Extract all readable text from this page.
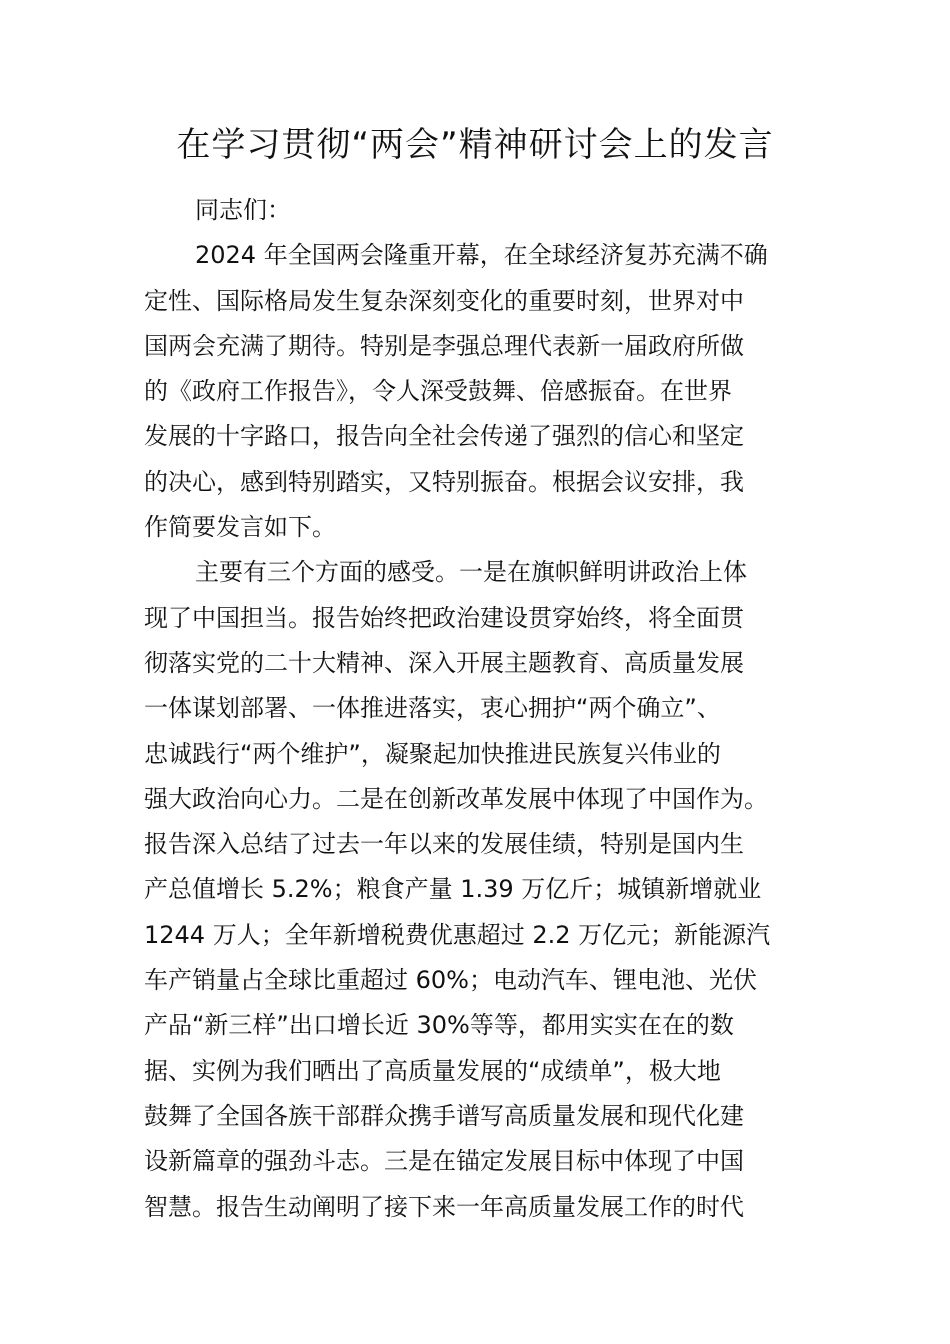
在学习贯彻“两会”精神研讨会上的发言
同志们：
2024 年全国两会隆重开幕，在全球经济复苏充满不确
定性、国际格局发生复杂深刻变化的重要时刻，世界对中
国两会充满了期待。特别是李强总理代表新一届政府所做
的《政府工作报告》，令人深受鼓舞、倍感振奋。在世界
发展的十字路口，报告向全社会传递了强烈的信心和坚定
的决心，感到特别踏实，又特别振奋。根据会议安排，我
作简要发言如下。
主要有三个方面的感受。一是在旗帜鲜明讲政治上体
现了中国担当。报告始终把政治建设贯穿始终，将全面贯
彻落实党的二十大精神、深入开展主题教育、高质量发展
一体谋划部署、一体推进落实，衷心拥护“两个确立”、
忠诚践行“两个维护”，凝聚起加快推进民族复兴伟业的
强大政治向心力。二是在创新改革发展中体现了中国作为。
报告深入总结了过去一年以来的发展佳绩，特别是国内生
产总值增长 5.2%；粮食产量 1.39 万亿斤；城镇新增就业
1244 万人；全年新增税费优惠超过 2.2 万亿元；新能源汽
车产销量占全球比重超过 60%；电动汽车、锂电池、光伏
产品“新三样”出口增长近 30%等等，都用实实在在的数
据、实例为我们晒出了高质量发展的“成绩单”，极大地
鼓舞了全国各族干部群众携手谱写高质量发展和现代化建
设新篇章的强劲斗志。三是在锚定发展目标中体现了中国
智慧。报告生动阐明了接下来一年高质量发展工作的时代
